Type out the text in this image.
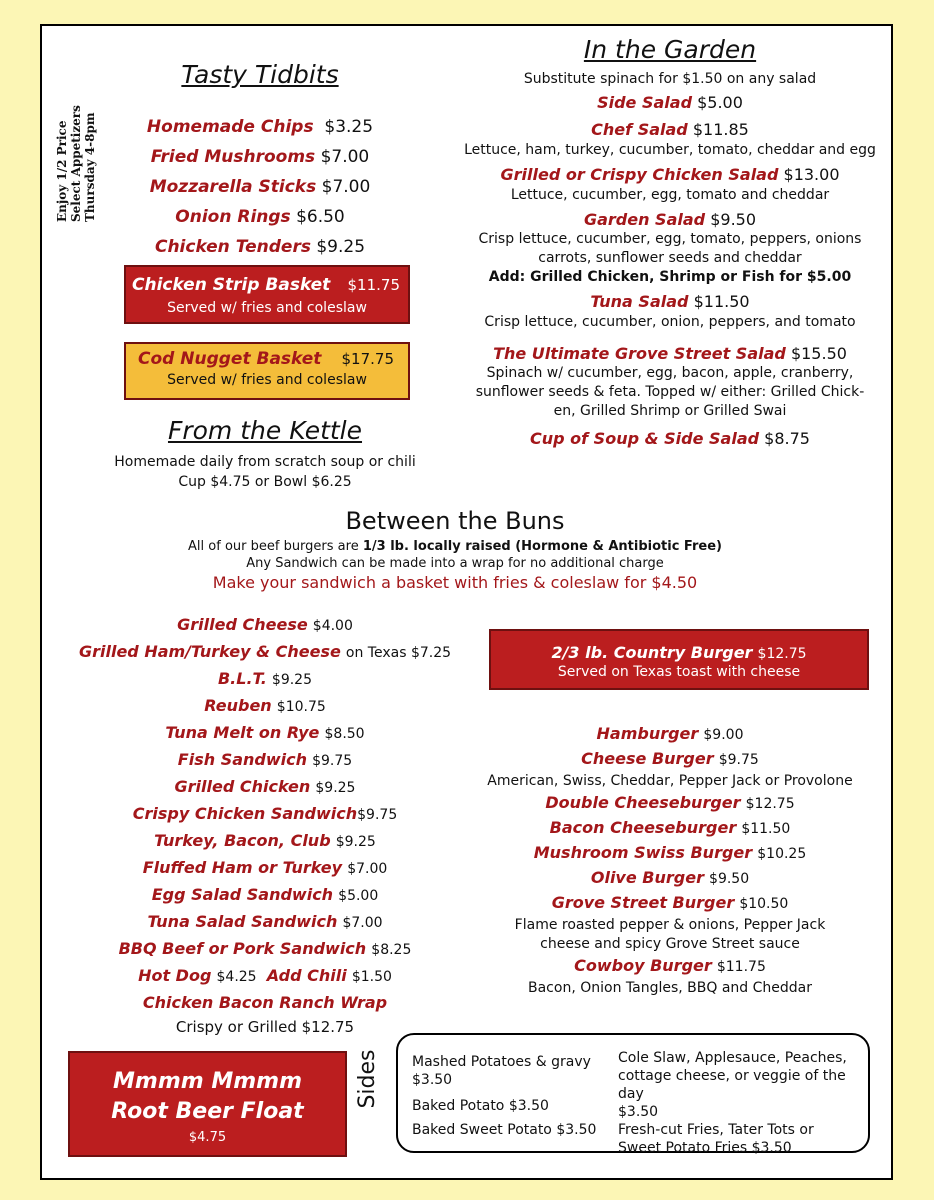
Enjoy 1/2 Price Select Appetizers Thursday 4-8pm
Tasty Tidbits
Homemade Chips $3.25
Fried Mushrooms $7.00
Mozzarella Sticks $7.00
Onion Rings $6.50
Chicken Tenders $9.25
Chicken Strip Basket $11.75
Served w/ fries and coleslaw
Cod Nugget Basket $17.75
Served w/ fries and coleslaw
From the Kettle
Homemade daily from scratch soup or chili
Cup $4.75 or Bowl $6.25
In the Garden
Substitute spinach for $1.50 on any salad
Side Salad $5.00
Chef Salad $11.85
Lettuce, ham, turkey, cucumber, tomato, cheddar and egg
Grilled or Crispy Chicken Salad $13.00
Lettuce, cucumber, egg, tomato and cheddar
Garden Salad $9.50
Crisp lettuce, cucumber, egg, tomato, peppers, onions
carrots, sunflower seeds and cheddar
Add: Grilled Chicken, Shrimp or Fish for $5.00
Tuna Salad $11.50
Crisp lettuce, cucumber, onion, peppers, and tomato
The Ultimate Grove Street Salad $15.50
Spinach w/ cucumber, egg, bacon, apple, cranberry,
sunflower seeds & feta. Topped w/ either: Grilled Chick-
en, Grilled Shrimp or Grilled Swai
Cup of Soup & Side Salad $8.75
Between the Buns
All of our beef burgers are 1/3 lb. locally raised (Hormone & Antibiotic Free)
Any Sandwich can be made into a wrap for no additional charge
Make your sandwich a basket with fries & coleslaw for $4.50
Grilled Cheese $4.00
Grilled Ham/Turkey & Cheese on Texas $7.25
B.L.T. $9.25
Reuben $10.75
Tuna Melt on Rye $8.50
Fish Sandwich $9.75
Grilled Chicken $9.25
Crispy Chicken Sandwich$9.75
Turkey, Bacon, Club $9.25
Fluffed Ham or Turkey $7.00
Egg Salad Sandwich $5.00
Tuna Salad Sandwich $7.00
BBQ Beef or Pork Sandwich $8.25
Hot Dog $4.25 Add Chili $1.50
Chicken Bacon Ranch Wrap
Crispy or Grilled $12.75
2/3 lb. Country Burger $12.75
Served on Texas toast with cheese
Hamburger $9.00
Cheese Burger $9.75
American, Swiss, Cheddar, Pepper Jack or Provolone
Double Cheeseburger $12.75
Bacon Cheeseburger $11.50
Mushroom Swiss Burger $10.25
Olive Burger $9.50
Grove Street Burger $10.50
Flame roasted pepper & onions, Pepper Jack
cheese and spicy Grove Street sauce
Cowboy Burger $11.75
Bacon, Onion Tangles, BBQ and Cheddar
Mmmm Mmmm
Root Beer Float
$4.75
Sides	Mashed Potatoes & gravy
$3.50
Baked Potato $3.50
Baked Sweet Potato $3.50
Cole Slaw, Applesauce, Peaches,
cottage cheese, or veggie of the day
$3.50
Fresh-cut Fries, Tater Tots or
Sweet Potato Fries $3.50
